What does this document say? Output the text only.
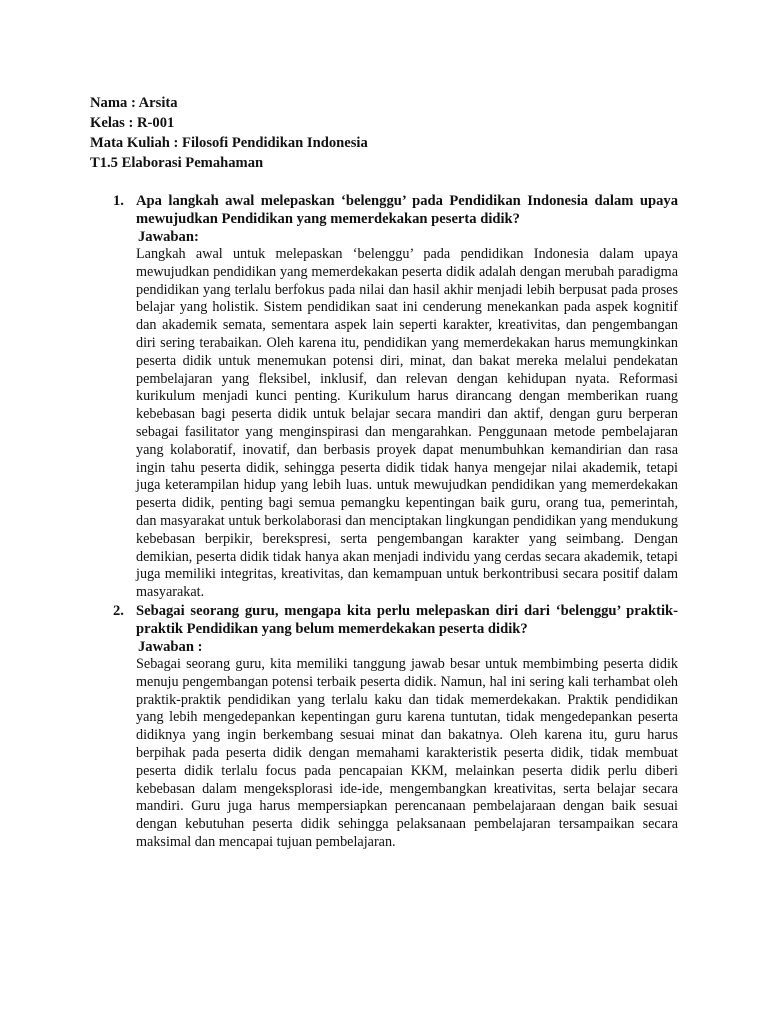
Nama : Arsita

Kelas : R-001

Mata Kuliah : Filosofi Pendidikan Indonesia

T1.5 Elaborasi Pemahaman

1. Apa langkah awal melepaskan ‘belenggu’ pada Pendidikan Indonesia dalam upaya mewujudkan Pendidikan yang memerdekakan peserta didik?

Jawaban:

Langkah awal untuk melepaskan ‘belenggu’ pada pendidikan Indonesia dalam upaya mewujudkan pendidikan yang memerdekakan peserta didik adalah dengan merubah paradigma pendidikan yang terlalu berfokus pada nilai dan hasil akhir menjadi lebih berpusat pada proses belajar yang holistik. Sistem pendidikan saat ini cenderung menekankan pada aspek kognitif dan akademik semata, sementara aspek lain seperti karakter, kreativitas, dan pengembangan diri sering terabaikan. Oleh karena itu, pendidikan yang memerdekakan harus memungkinkan peserta didik untuk menemukan potensi diri, minat, dan bakat mereka melalui pendekatan pembelajaran yang fleksibel, inklusif, dan relevan dengan kehidupan nyata. Reformasi kurikulum menjadi kunci penting. Kurikulum harus dirancang dengan memberikan ruang kebebasan bagi peserta didik untuk belajar secara mandiri dan aktif, dengan guru berperan sebagai fasilitator yang menginspirasi dan mengarahkan. Penggunaan metode pembelajaran yang kolaboratif, inovatif, dan berbasis proyek dapat menumbuhkan kemandirian dan rasa ingin tahu peserta didik, sehingga peserta didik tidak hanya mengejar nilai akademik, tetapi juga keterampilan hidup yang lebih luas. untuk mewujudkan pendidikan yang memerdekakan peserta didik, penting bagi semua pemangku kepentingan baik guru, orang tua, pemerintah, dan masyarakat untuk berkolaborasi dan menciptakan lingkungan pendidikan yang mendukung kebebasan berpikir, berekspresi, serta pengembangan karakter yang seimbang. Dengan demikian, peserta didik tidak hanya akan menjadi individu yang cerdas secara akademik, tetapi juga memiliki integritas, kreativitas, dan kemampuan untuk berkontribusi secara positif dalam masyarakat.

2. Sebagai seorang guru, mengapa kita perlu melepaskan diri dari ‘belenggu’ praktik-praktik Pendidikan yang belum memerdekakan peserta didik?

Jawaban :

Sebagai seorang guru, kita memiliki tanggung jawab besar untuk membimbing peserta didik menuju pengembangan potensi terbaik peserta didik. Namun, hal ini sering kali terhambat oleh praktik-praktik pendidikan yang terlalu kaku dan tidak memerdekakan. Praktik pendidikan yang lebih mengedepankan kepentingan guru karena tuntutan, tidak mengedepankan peserta didiknya yang ingin berkembang sesuai minat dan bakatnya. Oleh karena itu, guru harus berpihak pada peserta didik dengan memahami karakteristik peserta didik, tidak membuat peserta didik terlalu focus pada pencapaian KKM, melainkan peserta didik perlu diberi kebebasan dalam mengeksplorasi ide-ide, mengembangkan kreativitas, serta belajar secara mandiri. Guru juga harus mempersiapkan perencanaan pembelajaraan dengan baik sesuai dengan kebutuhan peserta didik sehingga pelaksanaan pembelajaran tersampaikan secara maksimal dan mencapai tujuan pembelajaran.
